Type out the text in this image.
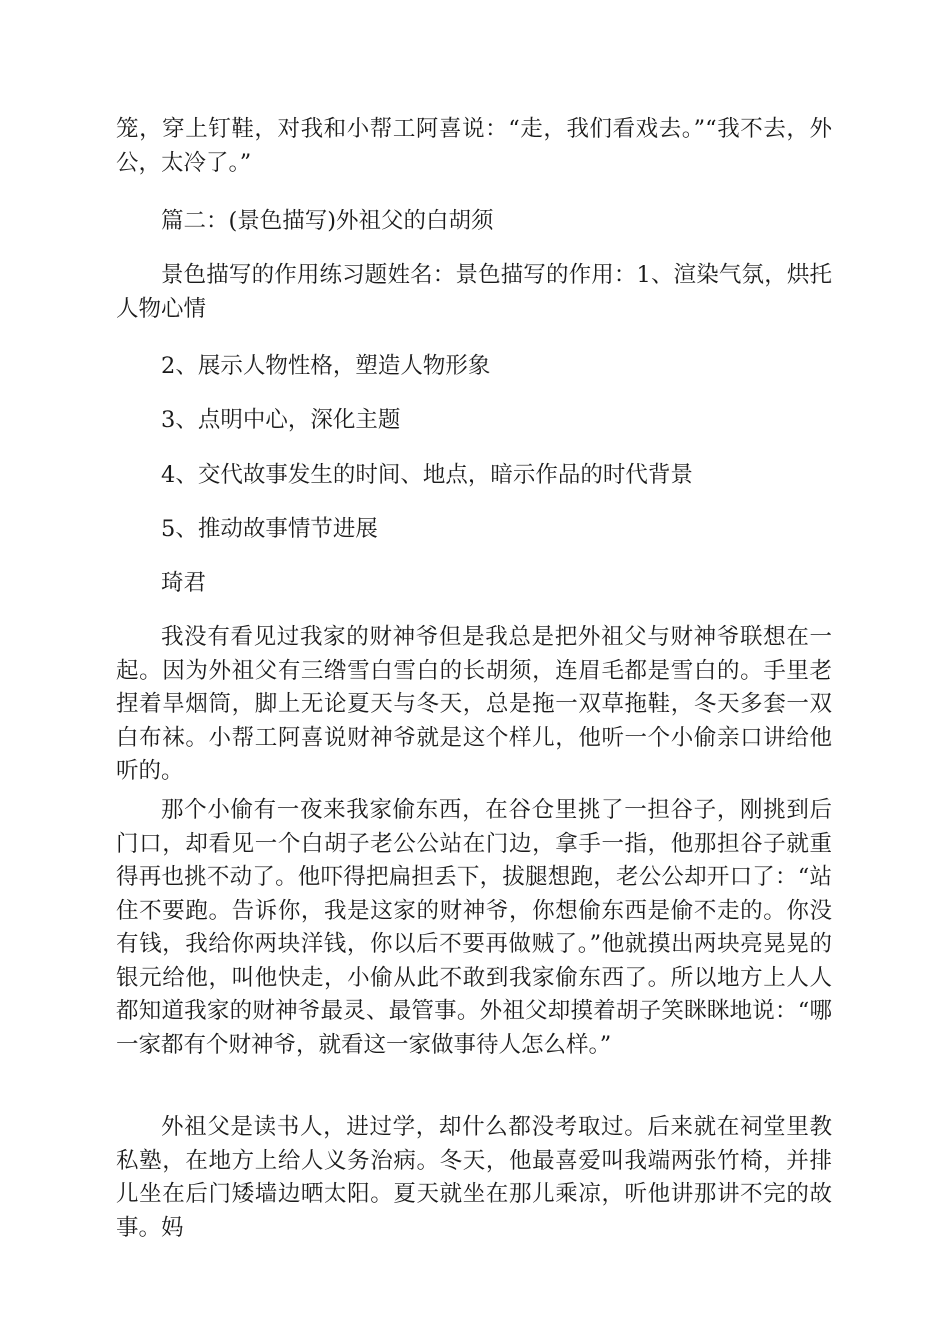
笼，穿上钉鞋，对我和小帮工阿喜说：“走，我们看戏去。”“我不去，外公，太冷了。”

篇二：(景色描写)外祖父的白胡须

景色描写的作用练习题姓名：景色描写的作用：1、渲染气氛，烘托人物心情

2、展示人物性格，塑造人物形象

3、点明中心，深化主题

4、交代故事发生的时间、地点，暗示作品的时代背景

5、推动故事情节进展

琦君

我没有看见过我家的财神爷但是我总是把外祖父与财神爷联想在一起。因为外祖父有三绺雪白雪白的长胡须，连眉毛都是雪白的。手里老捏着旱烟筒，脚上无论夏天与冬天，总是拖一双草拖鞋，冬天多套一双白布袜。小帮工阿喜说财神爷就是这个样儿，他听一个小偷亲口讲给他听的。

那个小偷有一夜来我家偷东西，在谷仓里挑了一担谷子，刚挑到后门口，却看见一个白胡子老公公站在门边，拿手一指，他那担谷子就重得再也挑不动了。他吓得把扁担丢下，拔腿想跑，老公公却开口了：“站住不要跑。告诉你，我是这家的财神爷，你想偷东西是偷不走的。你没有钱，我给你两块洋钱，你以后不要再做贼了。”他就摸出两块亮晃晃的银元给他，叫他快走，小偷从此不敢到我家偷东西了。所以地方上人人都知道我家的财神爷最灵、最管事。外祖父却摸着胡子笑眯眯地说：“哪一家都有个财神爷，就看这一家做事待人怎么样。”

外祖父是读书人，进过学，却什么都没考取过。后来就在祠堂里教私塾，在地方上给人义务治病。冬天，他最喜爱叫我端两张竹椅，并排儿坐在后门矮墙边晒太阳。夏天就坐在那儿乘凉，听他讲那讲不完的故事。妈
